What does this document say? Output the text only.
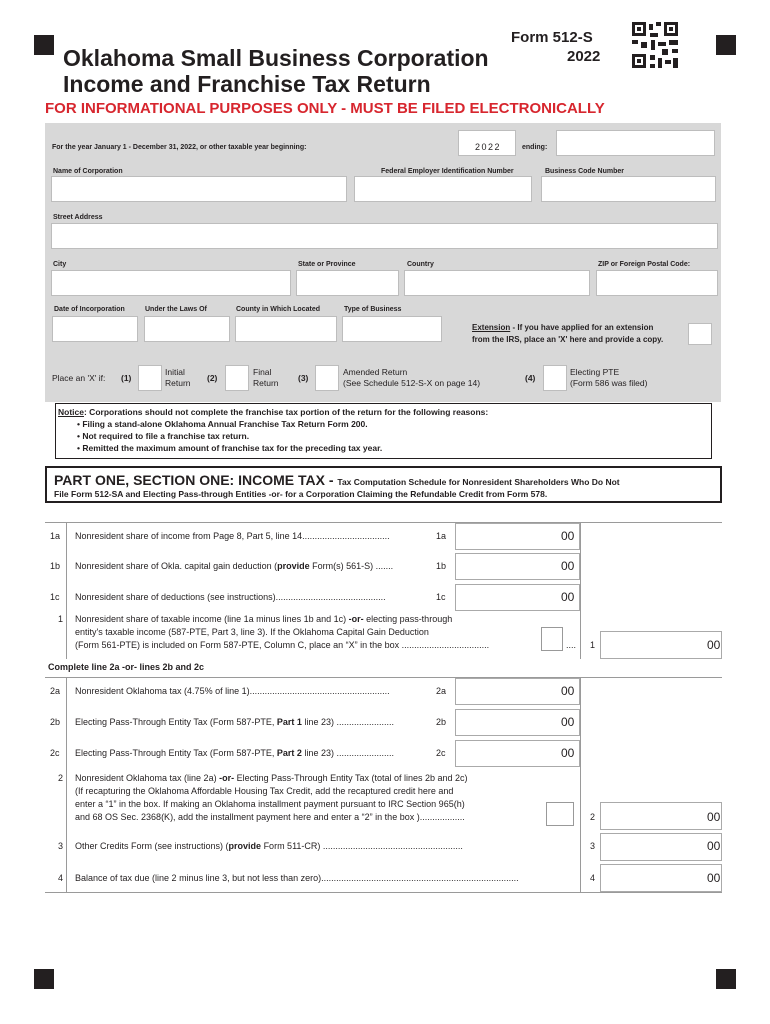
Form 512-S
2022
Oklahoma Small Business Corporation
Income and Franchise Tax Return
FOR INFORMATIONAL PURPOSES ONLY - MUST BE FILED ELECTRONICALLY
For the year January 1 - December 31, 2022, or other taxable year beginning:	2022	ending:
Name of Corporation	Federal Employer Identification Number	Business Code Number
Street Address
City	State or Province	Country	ZIP or Foreign Postal Code:
Date of Incorporation	Under the Laws Of	County in Which Located	Type of Business
Extension - If you have applied for an extension
from the IRS, place an 'X' here and provide a copy.
Place an 'X' if: (1)
Initial
Return (2)
Final
Return (3)
Amended Return
(See Schedule 512-S-X on page 14)	(4)
Electing PTE
(Form 586 was filed)
Notice: Corporations should not complete the franchise tax portion of the return for the following reasons:
• Filing a stand-alone Oklahoma Annual Franchise Tax Return Form 200.
• Not required to file a franchise tax return.
• Remitted the maximum amount of franchise tax for the preceding tax year.
PART ONE, SECTION ONE: INCOME TAX - Tax Computation Schedule for Nonresident Shareholders Who Do Not
File Form 512-SA and Electing Pass-through Entities -or- for a Corporation Claiming the Refundable Credit from Form 578.
1a Nonresident share of income from Page 8, Part 5, line 14...................................	1a	00
1b Nonresident share of Okla. capital gain deduction (provide Form(s) 561-S) .......	1b	00
1c Nonresident share of deductions (see instructions)............................................	1c	00
1 Nonresident share of taxable income (line 1a minus lines 1b and 1c) -or- electing pass-through
entity's taxable income (587-PTE, Part 3, line 3). If the Oklahoma Capital Gain Deduction
(Form 561-PTE) is included on Form 587-PTE, Column C, place an “X” in the box ...................................	.... 1	00
Complete line 2a -or- lines 2b and 2c
2a Nonresident Oklahoma tax (4.75% of line 1)........................................................	2a	00
2b Electing Pass-Through Entity Tax (Form 587-PTE, Part 1 line 23) .......................	2b	00
2c Electing Pass-Through Entity Tax (Form 587-PTE, Part 2 line 23) .......................	2c	00
2 Nonresident Oklahoma tax (line 2a) -or- Electing Pass-Through Entity Tax (total of lines 2b and 2c)
(If recapturing the Oklahoma Affordable Housing Tax Credit, add the recaptured credit here and
enter a “1” in the box. If making an Oklahoma installment payment pursuant to IRC Section 965(h)
and 68 OS Sec. 2368(K), add the installment payment here and enter a “2” in the box )..................	2	00
3 Other Credits Form (see instructions) (provide Form 511-CR) ........................................................	3	00
4 Balance of tax due (line 2 minus line 3, but not less than zero)...............................................................................	4	00
